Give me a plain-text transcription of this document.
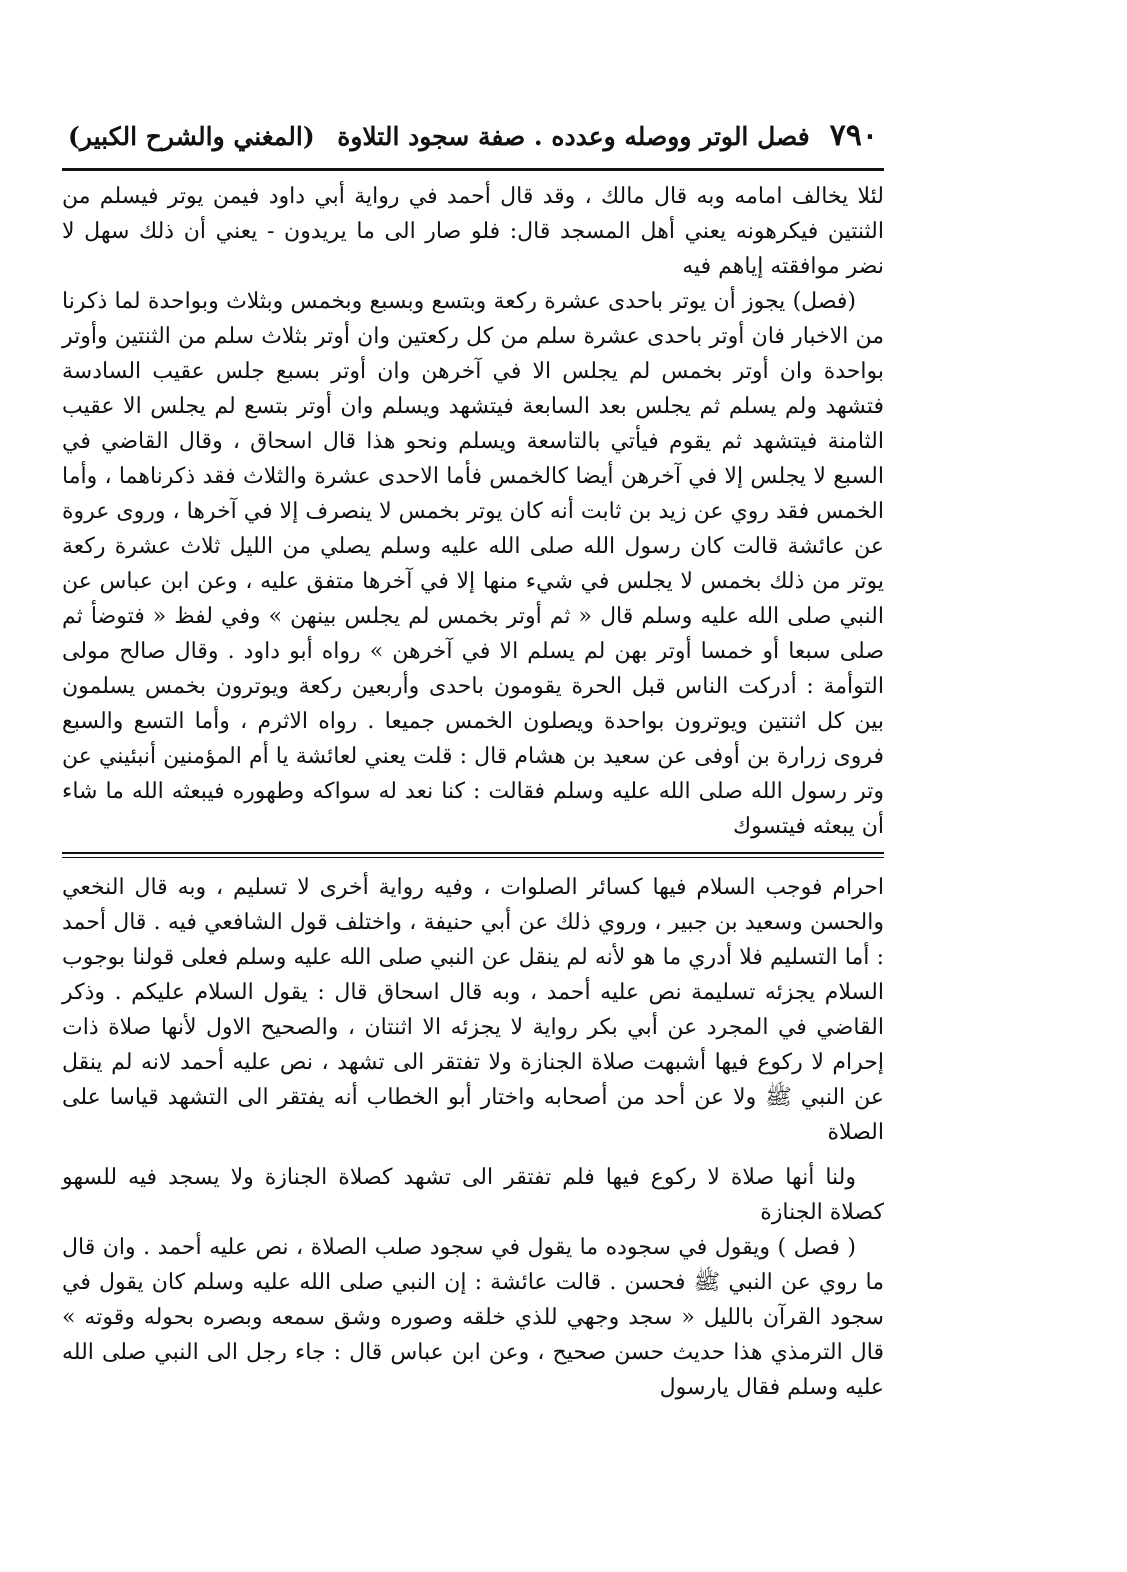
٧٩٠
فصل الوتر ووصله وعدده . صفة سجود التلاوة
(المغني والشرح الكبير)

لئلا يخالف امامه وبه قال مالك ، وقد قال أحمد في رواية أبي داود فيمن يوتر فيسلم من الثنتين فيكرهونه يعني أهل المسجد قال: فلو صار الى ما يريدون - يعني أن ذلك سهل لا نضر موافقته إياهم فيه

(فصل) يجوز أن يوتر باحدى عشرة ركعة وبتسع وبسبع وبخمس وبثلاث وبواحدة لما ذكرنا من الاخبار فان أوتر باحدى عشرة سلم من كل ركعتين وان أوتر بثلاث سلم من الثنتين وأوتر بواحدة وان أوتر بخمس لم يجلس الا في آخرهن وان أوتر بسبع جلس عقيب السادسة فتشهد ولم يسلم ثم يجلس بعد السابعة فيتشهد ويسلم وان أوتر بتسع لم يجلس الا عقيب الثامنة فيتشهد ثم يقوم فيأتي بالتاسعة ويسلم ونحو هذا قال اسحاق ، وقال القاضي في السبع لا يجلس إلا في آخرهن أيضا كالخمس فأما الاحدى عشرة والثلاث فقد ذكرناهما ، وأما الخمس فقد روي عن زيد بن ثابت أنه كان يوتر بخمس لا ينصرف إلا في آخرها ، وروى عروة عن عائشة قالت كان رسول الله صلى الله عليه وسلم يصلي من الليل ثلاث عشرة ركعة يوتر من ذلك بخمس لا يجلس في شيء منها إلا في آخرها متفق عليه ، وعن ابن عباس عن النبي صلى الله عليه وسلم قال « ثم أوتر بخمس لم يجلس بينهن » وفي لفظ « فتوضأ ثم صلى سبعا أو خمسا أوتر بهن لم يسلم الا في آخرهن » رواه أبو داود . وقال صالح مولى التوأمة : أدركت الناس قبل الحرة يقومون باحدى وأربعين ركعة ويوترون بخمس يسلمون بين كل اثنتين ويوترون بواحدة ويصلون الخمس جميعا . رواه الاثرم ، وأما التسع والسبع فروى زرارة بن أوفى عن سعيد بن هشام قال : قلت يعني لعائشة يا أم المؤمنين أنبئيني عن وتر رسول الله صلى الله عليه وسلم فقالت : كنا نعد له سواكه وطهوره فيبعثه الله ما شاء أن يبعثه فيتسوك

احرام فوجب السلام فيها كسائر الصلوات ، وفيه رواية أخرى لا تسليم ، وبه قال النخعي والحسن وسعيد بن جبير ، وروي ذلك عن أبي حنيفة ، واختلف قول الشافعي فيه . قال أحمد : أما التسليم فلا أدري ما هو لأنه لم ينقل عن النبي صلى الله عليه وسلم فعلى قولنا بوجوب السلام يجزئه تسليمة نص عليه أحمد ، وبه قال اسحاق قال : يقول السلام عليكم . وذكر القاضي في المجرد عن أبي بكر رواية لا يجزئه الا اثنتان ، والصحيح الاول لأنها صلاة ذات إحرام لا ركوع فيها أشبهت صلاة الجنازة ولا تفتقر الى تشهد ، نص عليه أحمد لانه لم ينقل عن النبي ﷺ ولا عن أحد من أصحابه واختار أبو الخطاب أنه يفتقر الى التشهد قياسا على الصلاة

ولنا أنها صلاة لا ركوع فيها فلم تفتقر الى تشهد كصلاة الجنازة ولا يسجد فيه للسهو كصلاة الجنازة

( فصل ) ويقول في سجوده ما يقول في سجود صلب الصلاة ، نص عليه أحمد . وان قال ما روي عن النبي ﷺ فحسن . قالت عائشة : إن النبي صلى الله عليه وسلم كان يقول في سجود القرآن بالليل « سجد وجهي للذي خلقه وصوره وشق سمعه وبصره بحوله وقوته » قال الترمذي هذا حديث حسن صحيح ، وعن ابن عباس قال : جاء رجل الى النبي صلى الله عليه وسلم فقال يارسول
